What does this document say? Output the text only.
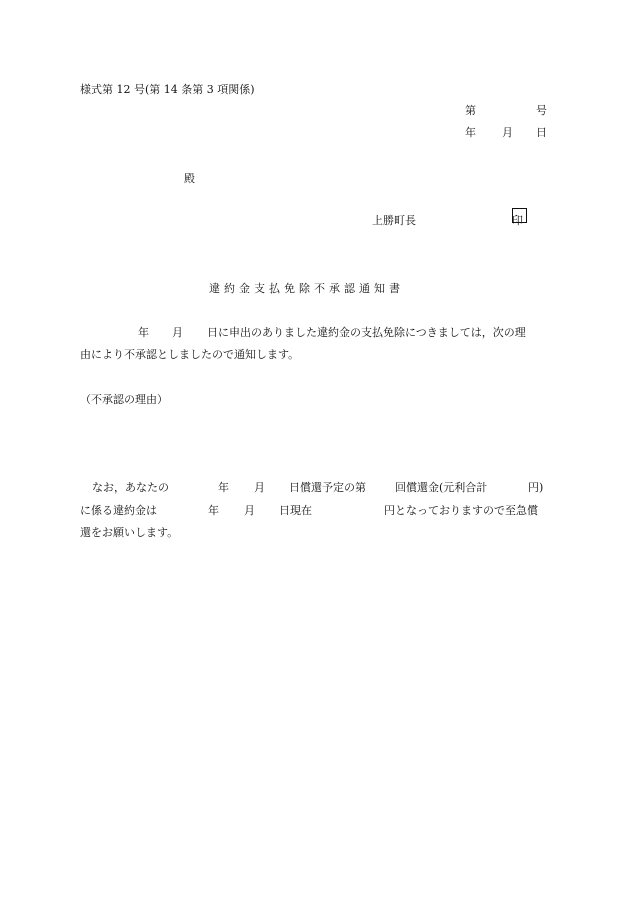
様式第 12 号(第 14 条第 3 項関係)
第	号
年 月 日
殿
上勝町長	印
違約金支払免除不承認通知書
年 月 日に申出のありました違約金の支払免除につきましては，次の理
由により不承認としましたので通知します。
（不承認の理由）
なお，あなたの	年 月 日償還予定の第	回償還金(元利合計	円)
に係る違約金は	年 月 日現在	円となっておりますので至急償
還をお願いします。
